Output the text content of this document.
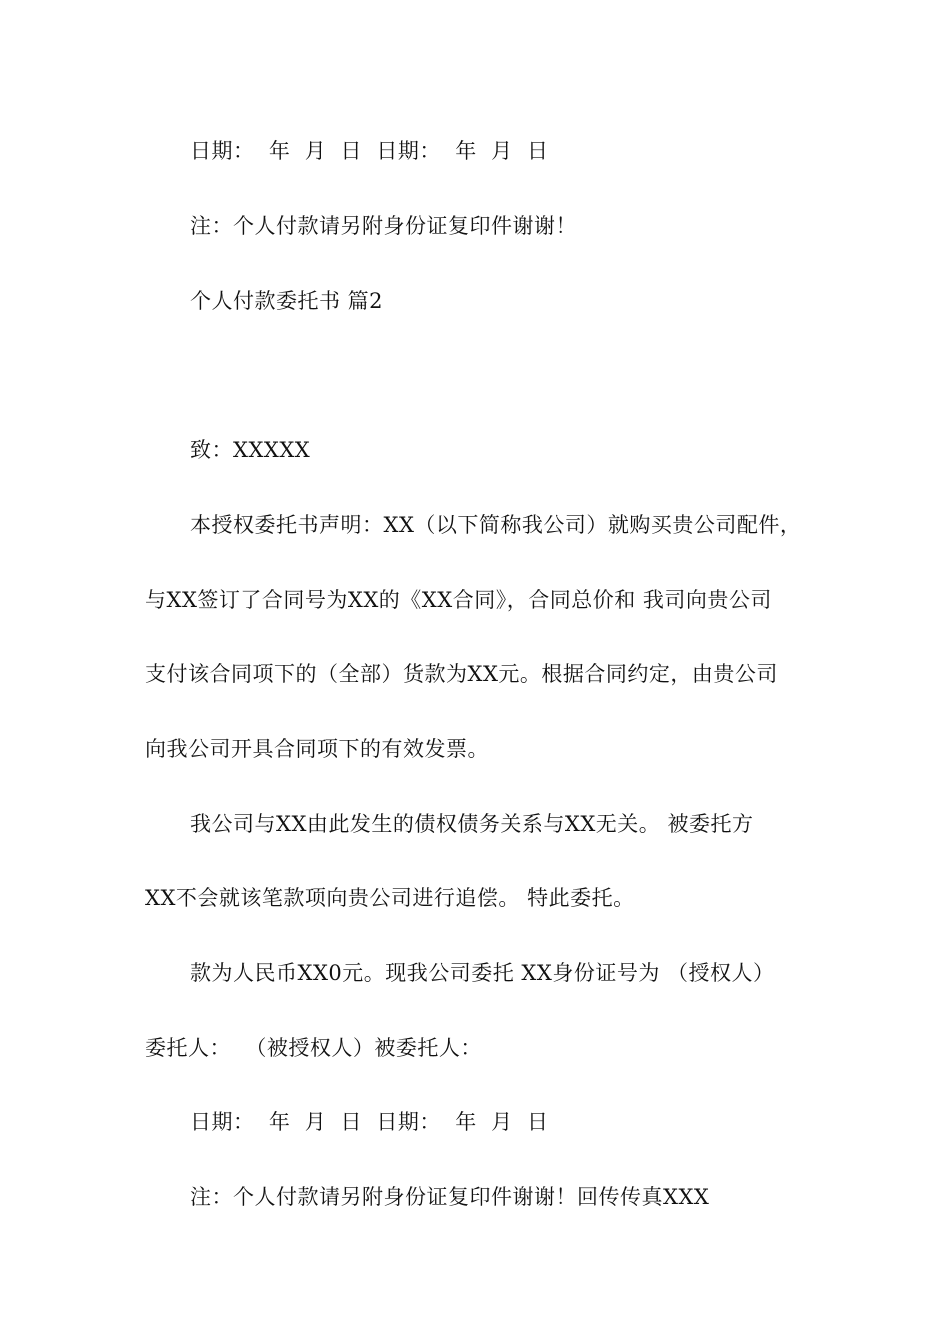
日期：  年  月  日  日期：  年  月  日
注：个人付款请另附身份证复印件谢谢！
个人付款委托书 篇2
致：XXXXX
本授权委托书声明：XX（以下简称我公司）就购买贵公司配件，
与XX签订了合同号为XX的《XX合同》，合同总价和 我司向贵公司
支付该合同项下的（全部）货款为XX元。根据合同约定，由贵公司
向我公司开具合同项下的有效发票。
我公司与XX由此发生的债权债务关系与XX无关。 被委托方
XX不会就该笔款项向贵公司进行追偿。 特此委托。
款为人民币XX0元。现我公司委托 XX身份证号为 （授权人）
委托人：  （被授权人）被委托人：
日期：  年  月  日  日期：  年  月  日
注：个人付款请另附身份证复印件谢谢！回传传真XXX
